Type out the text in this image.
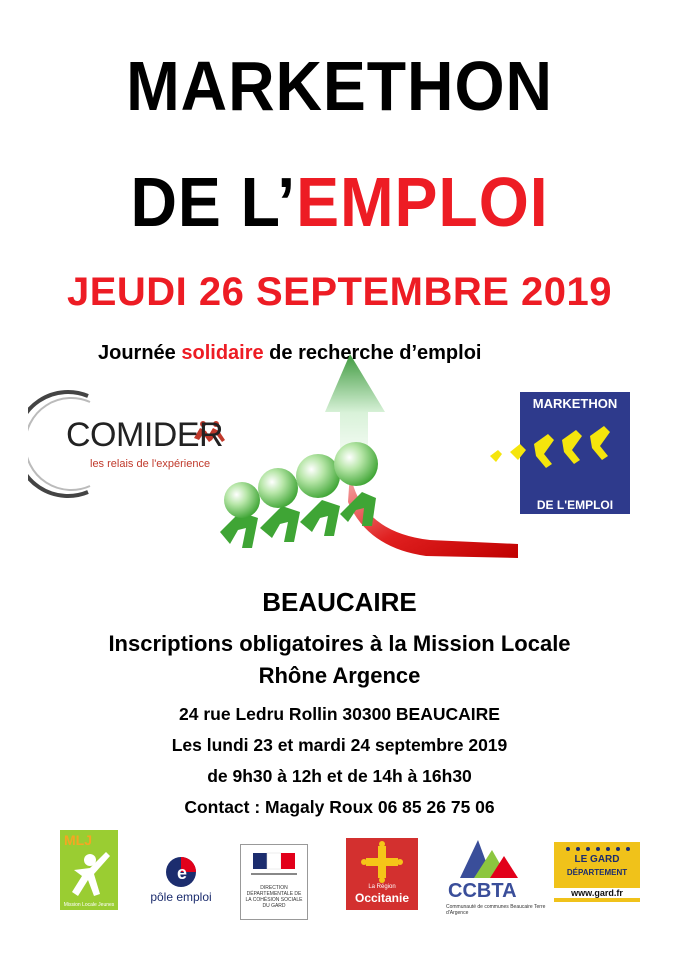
MARKETHON
DE L’EMPLOI
JEUDI 26 SEPTEMBRE 2019
Journée solidaire de recherche d’emploi
COMIDER
les relais de l'expérience
MARKETHON
DE L'EMPLOI
BEAUCAIRE
Inscriptions obligatoires à la Mission Locale
Rhône Argence
24 rue Ledru Rollin 30300 BEAUCAIRE
Les lundi 23 et mardi 24 septembre 2019
de 9h30 à 12h et de 14h à 16h30
Contact : Magaly Roux 06 85 26 75 06
MLJ
Mission Locale Jeunes
e
pôle emploi
DIRECTION DÉPARTEMENTALE DE LA COHÉSION SOCIALE DU GARD
La Région
Occitanie	CCBTA
Communauté de communes Beaucaire Terre d'Argence
LE GARD
DÉPARTEMENT
www.gard.fr
